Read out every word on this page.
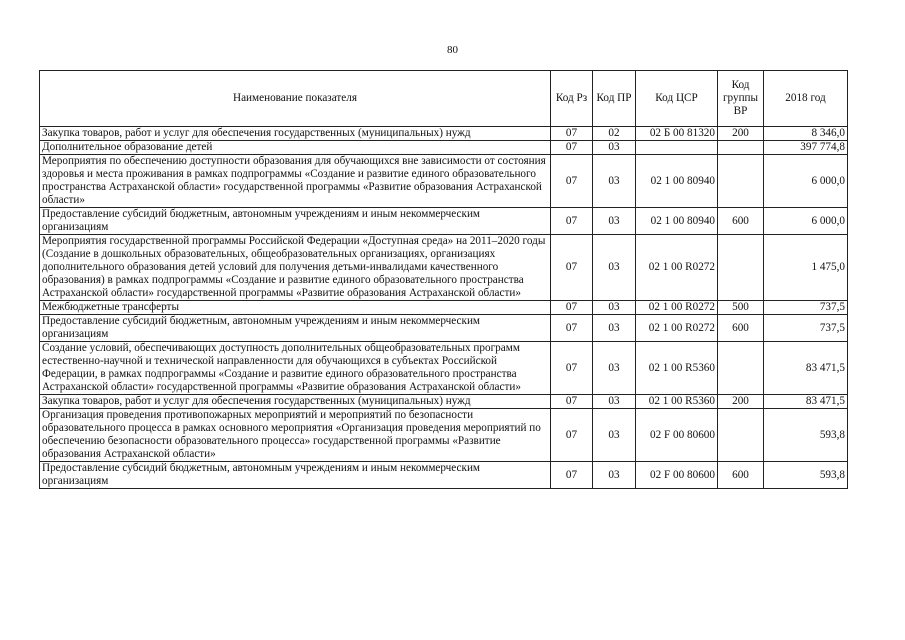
80
Наименование показателя	Код Рз	Код ПР	Код ЦСР	Код группы ВР	2018 год
Закупка товаров, работ и услуг для обеспечения государственных (муниципальных) нужд	07	02	02 Б 00 81320	200	8 346,0
Дополнительное образование детей	07	03			397 774,8
Мероприятия по обеспечению доступности образования для обучающихся вне зависимости от состояния здоровья и места проживания в рамках подпрограммы «Создание и развитие единого образовательного пространства Астраханской области» государственной программы «Развитие образования Астраханской области»	07	03	02 1 00 80940		6 000,0
Предоставление субсидий бюджетным, автономным учреждениям и иным некоммерческим организациям	07	03	02 1 00 80940	600	6 000,0
Мероприятия государственной программы Российской Федерации «Доступная среда» на 2011–2020 годы (Создание в дошкольных образовательных, общеобразовательных организациях, организациях дополнительного образования детей условий для получения детьми-инвалидами качественного образования) в рамках подпрограммы «Создание и развитие единого образовательного пространства Астраханской области» государственной программы «Развитие образования Астраханской области»	07	03	02 1 00 R0272		1 475,0
Межбюджетные трансферты	07	03	02 1 00 R0272	500	737,5
Предоставление субсидий бюджетным, автономным учреждениям и иным некоммерческим организациям	07	03	02 1 00 R0272	600	737,5
Создание условий, обеспечивающих доступность дополнительных общеобразовательных программ естественно-научной и технической направленности для обучающихся в субъектах Российской Федерации, в рамках подпрограммы «Создание и развитие единого образовательного пространства Астраханской области» государственной программы «Развитие образования Астраханской области»	07	03	02 1 00 R5360		83 471,5
Закупка товаров, работ и услуг для обеспечения государственных (муниципальных) нужд	07	03	02 1 00 R5360	200	83 471,5
Организация проведения противопожарных мероприятий и мероприятий по безопасности образовательного процесса в рамках основного мероприятия «Организация проведения мероприятий по обеспечению безопасности образовательного процесса» государственной программы «Развитие образования Астраханской области»	07	03	02 F 00 80600		593,8
Предоставление субсидий бюджетным, автономным учреждениям и иным некоммерческим организациям	07	03	02 F 00 80600	600	593,8
